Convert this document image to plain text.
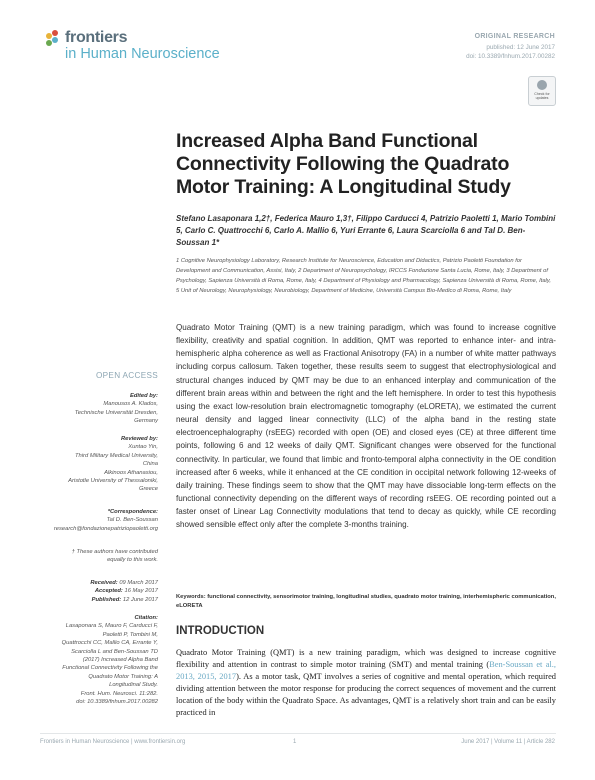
frontiers
in Human Neuroscience
ORIGINAL RESEARCH
published: 12 June 2017
doi: 10.3389/fnhum.2017.00282
Check for updates
Increased Alpha Band Functional Connectivity Following the Quadrato Motor Training: A Longitudinal Study
Stefano Lasaponara 1,2†, Federica Mauro 1,3†, Filippo Carducci 4, Patrizio Paoletti 1, Mario Tombini 5, Carlo C. Quattrocchi 6, Carlo A. Mallio 6, Yuri Errante 6, Laura Scarciolla 6 and Tal D. Ben-Soussan 1*
1 Cognitive Neurophysiology Laboratory, Research Institute for Neuroscience, Education and Didactics, Patrizio Paoletti Foundation for Development and Communication, Assisi, Italy, 2 Department of Neuropsychology, IRCCS Fondazione Santa Lucia, Rome, Italy, 3 Department of Psychology, Sapienza Università di Roma, Rome, Italy, 4 Department of Physiology and Pharmacology, Sapienza Università di Roma, Rome, Italy, 5 Unit of Neurology, Neurophysiology, Neurobiology, Department of Medicine, Università Campus Bio-Medico di Roma, Rome, Italy
Quadrato Motor Training (QMT) is a new training paradigm, which was found to increase cognitive flexibility, creativity and spatial cognition. In addition, QMT was reported to enhance inter- and intra-hemispheric alpha coherence as well as Fractional Anisotropy (FA) in a number of white matter pathways including corpus callosum. Taken together, these results seem to suggest that electrophysiological and structural changes induced by QMT may be due to an enhanced interplay and communication of the different brain areas within and between the right and the left hemisphere. In order to test this hypothesis using the exact low-resolution brain electromagnetic tomography (eLORETA), we estimated the current neural density and lagged linear connectivity (LLC) of the alpha band in the resting state electroencephalography (rsEEG) recorded with open (OE) and closed eyes (CE) at three different time points, following 6 and 12 weeks of daily QMT. Significant changes were observed for the functional connectivity. In particular, we found that limbic and fronto-temporal alpha connectivity in the OE condition increased after 6 weeks, while it enhanced at the CE condition in occipital network following 12-weeks of daily training. These findings seem to show that the QMT may have dissociable long-term effects on the functional connectivity depending on the different ways of recording rsEEG. OE recording pointed out a faster onset of Linear Lag Connectivity modulations that tend to decay as quickly, while CE recording showed sensible effect only after the complete 3-months training.
Keywords: functional connectivity, sensorimotor training, longitudinal studies, quadrato motor training, interhemispheric communication, eLORETA
INTRODUCTION
Quadrato Motor Training (QMT) is a new training paradigm, which was designed to increase cognitive flexibility and attention in contrast to simple motor training (SMT) and mental training (Ben-Soussan et al., 2013, 2015, 2017). As a motor task, QMT involves a series of cognitive and mental operation, which required dividing attention between the motor response for producing the correct sequences of movement and the current location of the body within the Quadrato Space. As advantages, QMT is a relatively short train and can be easily practiced in
OPEN ACCESS
Edited by:
Manousos A. Klados,
Technische Universität Dresden,
Germany
Reviewed by:
Xuntao Yin,
Third Military Medical University,
China
Alkinoos Athanasiou,
Aristotle University of Thessaloniki,
Greece
*Correspondence:
Tal D. Ben-Soussan
research@fondazionepatriziopaoletti.org
† These authors have contributed
equally to this work.
Received: 09 March 2017
Accepted: 16 May 2017
Published: 12 June 2017
Citation:
Lasaponara S, Mauro F, Carducci F,
Paoletti P, Tombini M,
Quattrocchi CC, Mallio CA, Errante Y,
Scarciolla L and Ben-Soussan TD
(2017) Increased Alpha Band
Functional Connectivity Following the
Quadrato Motor Training: A
Longitudinal Study.
Front. Hum. Neurosci. 11:282.
doi: 10.3389/fnhum.2017.00282
Frontiers in Human Neuroscience | www.frontiersin.org	1	June 2017 | Volume 11 | Article 282
